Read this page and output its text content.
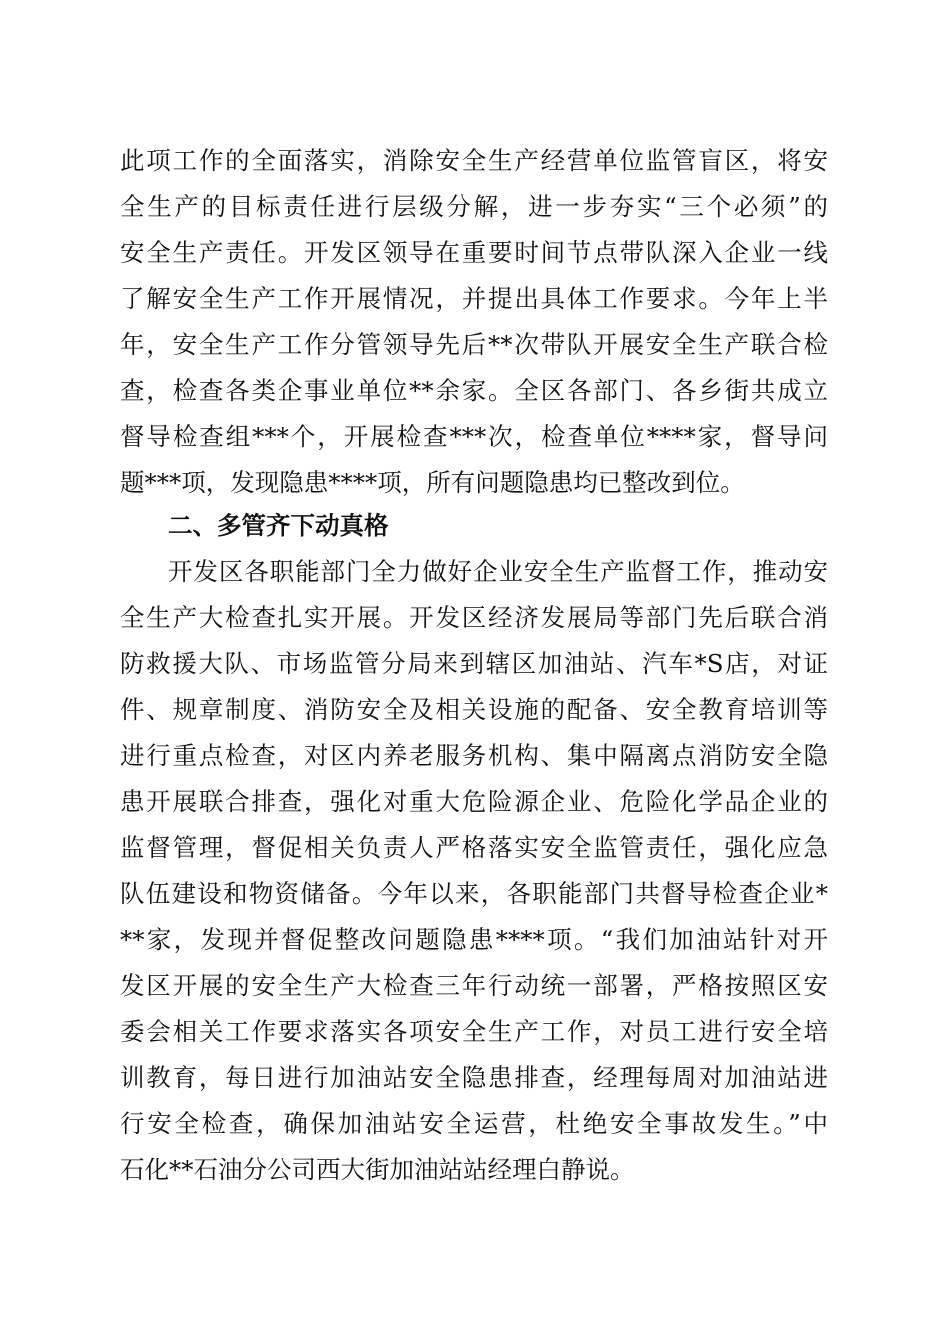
此项工作的全面落实，消除安全生产经营单位监管盲区，将安
全生产的目标责任进行层级分解，进一步夯实“三个必须”的
安全生产责任。开发区领导在重要时间节点带队深入企业一线
了解安全生产工作开展情况，并提出具体工作要求。今年上半
年，安全生产工作分管领导先后**次带队开展安全生产联合检
查，检查各类企事业单位**余家。全区各部门、各乡街共成立
督导检查组***个，开展检查***次，检查单位****家，督导问
题***项，发现隐患****项，所有问题隐患均已整改到位。
二、多管齐下动真格
开发区各职能部门全力做好企业安全生产监督工作，推动安
全生产大检查扎实开展。开发区经济发展局等部门先后联合消
防救援大队、市场监管分局来到辖区加油站、汽车*S店，对证
件、规章制度、消防安全及相关设施的配备、安全教育培训等
进行重点检查，对区内养老服务机构、集中隔离点消防安全隐
患开展联合排查，强化对重大危险源企业、危险化学品企业的
监督管理，督促相关负责人严格落实安全监管责任，强化应急
队伍建设和物资储备。今年以来，各职能部门共督导检查企业*
**家，发现并督促整改问题隐患****项。“我们加油站针对开
发区开展的安全生产大检查三年行动统一部署，严格按照区安
委会相关工作要求落实各项安全生产工作，对员工进行安全培
训教育，每日进行加油站安全隐患排查，经理每周对加油站进
行安全检查，确保加油站安全运营，杜绝安全事故发生。”中
石化**石油分公司西大街加油站站经理白静说。
